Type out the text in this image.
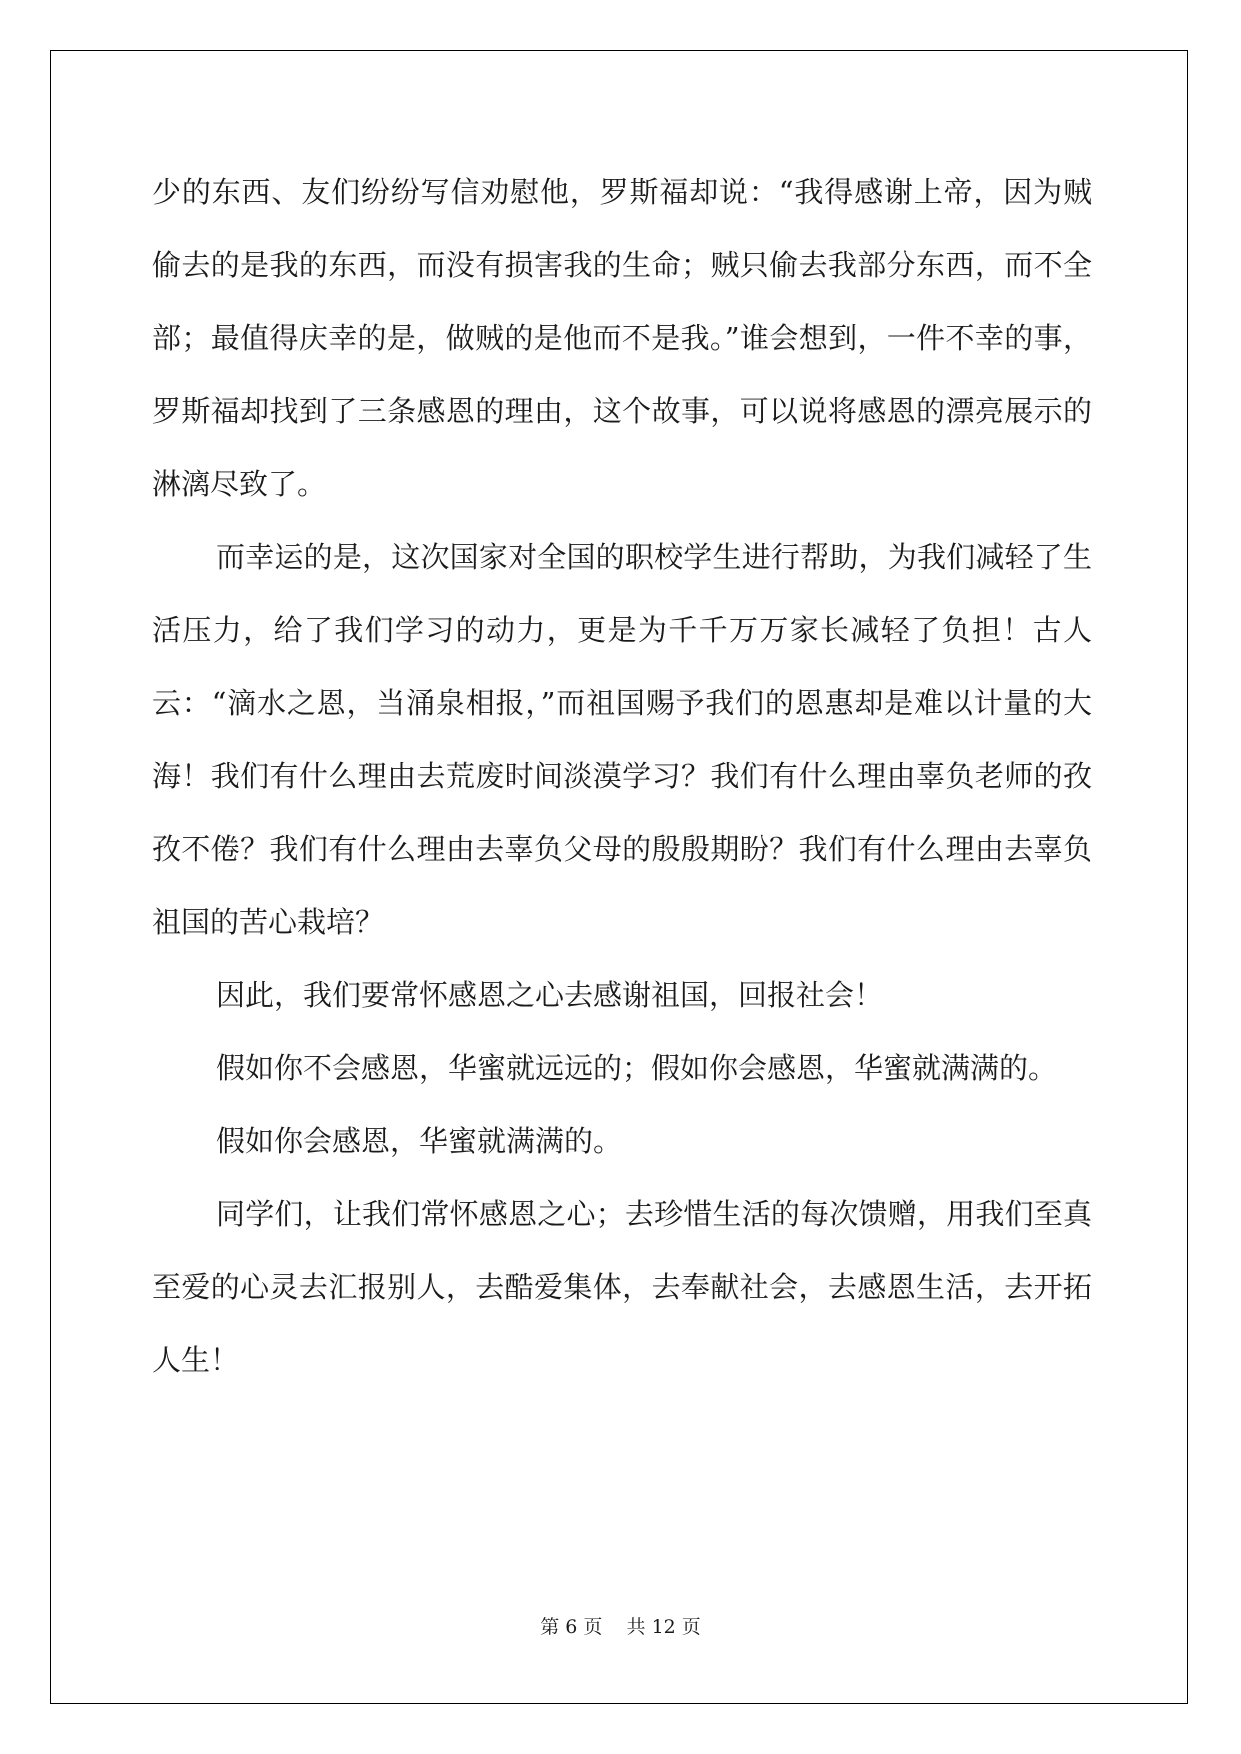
少的东西、友们纷纷写信劝慰他，罗斯福却说：“我得感谢上帝，因为贼偷去的是我的东西，而没有损害我的生命；贼只偷去我部分东西，而不全部；最值得庆幸的是，做贼的是他而不是我。”谁会想到，一件不幸的事，罗斯福却找到了三条感恩的理由，这个故事，可以说将感恩的漂亮展示的淋漓尽致了。

而幸运的是，这次国家对全国的职校学生进行帮助，为我们减轻了生活压力，给了我们学习的动力，更是为千千万万家长减轻了负担！古人云：“滴水之恩，当涌泉相报，”而祖国赐予我们的恩惠却是难以计量的大海！我们有什么理由去荒废时间淡漠学习？我们有什么理由辜负老师的孜孜不倦？我们有什么理由去辜负父母的殷殷期盼？我们有什么理由去辜负祖国的苦心栽培？

因此，我们要常怀感恩之心去感谢祖国，回报社会！

假如你不会感恩，华蜜就远远的；假如你会感恩，华蜜就满满的。

假如你会感恩，华蜜就满满的。

同学们，让我们常怀感恩之心；去珍惜生活的每次馈赠，用我们至真至爱的心灵去汇报别人，去酷爱集体，去奉献社会，去感恩生活，去开拓人生！

第 6 页    共 12 页
